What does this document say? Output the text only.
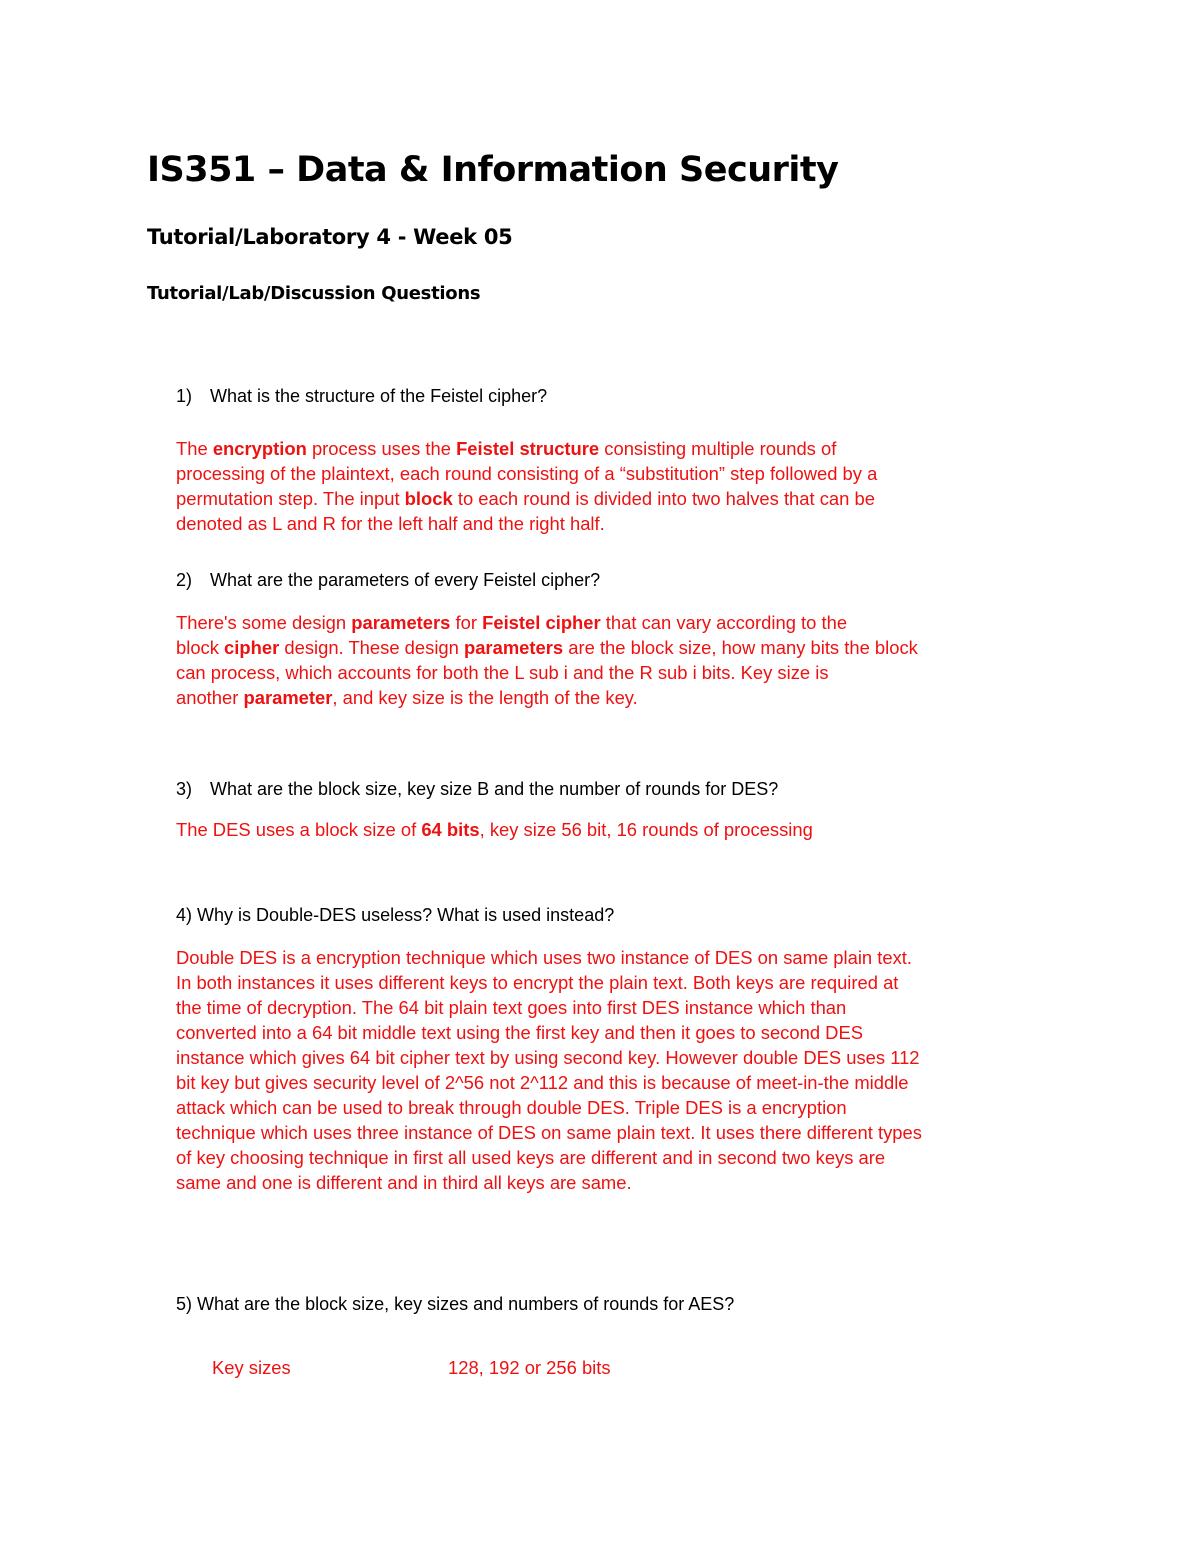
IS351 – Data & Information Security
Tutorial/Laboratory 4 - Week 05
Tutorial/Lab/Discussion Questions

1) What is the structure of the Feistel cipher?

The encryption process uses the Feistel structure consisting multiple rounds of
processing of the plaintext, each round consisting of a “substitution” step followed by a
permutation step. The input block to each round is divided into two halves that can be
denoted as L and R for the left half and the right half.

2) What are the parameters of every Feistel cipher?

There's some design parameters for Feistel cipher that can vary according to the
block cipher design. These design parameters are the block size, how many bits the block
can process, which accounts for both the L sub i and the R sub i bits. Key size is
another parameter, and key size is the length of the key.

3) What are the block size, key size B and the number of rounds for DES?

The DES uses a block size of 64 bits, key size 56 bit, 16 rounds of processing

4) Why is Double-DES useless? What is used instead?

Double DES is a encryption technique which uses two instance of DES on same plain text.
In both instances it uses different keys to encrypt the plain text. Both keys are required at
the time of decryption. The 64 bit plain text goes into first DES instance which than
converted into a 64 bit middle text using the first key and then it goes to second DES
instance which gives 64 bit cipher text by using second key. However double DES uses 112
bit key but gives security level of 2^56 not 2^112 and this is because of meet-in-the middle
attack which can be used to break through double DES. Triple DES is a encryption
technique which uses three instance of DES on same plain text. It uses there different types
of key choosing technique in first all used keys are different and in second two keys are
same and one is different and in third all keys are same.

5) What are the block size, key sizes and numbers of rounds for AES?

Key sizes	128, 192 or 256 bits
